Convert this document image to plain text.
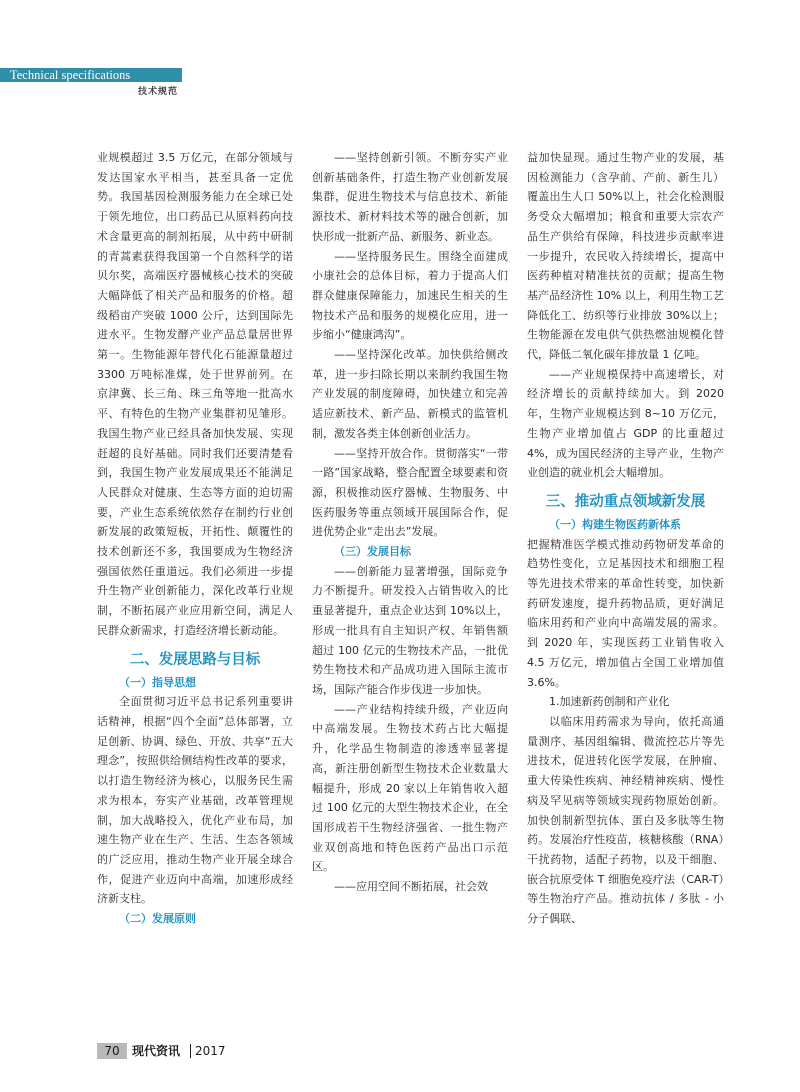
Technical specifications
技术规范

业规模超过 3.5 万亿元，在部分领域与发达国家水平相当，甚至具备一定优势。我国基因检测服务能力在全球已处于领先地位，出口药品已从原料药向技术含量更高的制剂拓展，从中药中研制的青蒿素获得我国第一个自然科学的诺贝尔奖，高端医疗器械核心技术的突破大幅降低了相关产品和服务的价格。超级稻亩产突破 1000 公斤，达到国际先进水平。生物发酵产业产品总量居世界第一。生物能源年替代化石能源量超过 3300 万吨标准煤，处于世界前列。在京津冀、长三角、珠三角等地一批高水平、有特色的生物产业集群初见雏形。我国生物产业已经具备加快发展、实现赶超的良好基础。同时我们还要清楚看到，我国生物产业发展成果还不能满足人民群众对健康、生态等方面的迫切需要，产业生态系统依然存在制约行业创新发展的政策短板，开拓性、颠覆性的技术创新还不多，我国要成为生物经济强国依然任重道远。我们必须进一步提升生物产业创新能力，深化改革行业规制，不断拓展产业应用新空间，满足人民群众新需求，打造经济增长新动能。

二、发展思路与目标
（一）指导思想

全面贯彻习近平总书记系列重要讲话精神，根据“四个全面”总体部署，立足创新、协调、绿色、开放、共享“五大理念”，按照供给侧结构性改革的要求，以打造生物经济为核心，以服务民生需求为根本，夯实产业基础，改革管理规制，加大战略投入，优化产业布局，加速生物产业在生产、生活、生态各领域的广泛应用，推动生物产业开展全球合作，促进产业迈向中高端，加速形成经济新支柱。

（二）发展原则

——坚持创新引领。不断夯实产业创新基础条件，打造生物产业创新发展集群，促进生物技术与信息技术、新能源技术、新材料技术等的融合创新，加快形成一批新产品、新服务、新业态。

——坚持服务民生。围绕全面建成小康社会的总体目标，着力于提高人们群众健康保障能力，加速民生相关的生物技术产品和服务的规模化应用，进一步缩小“健康鸿沟”。

——坚持深化改革。加快供给侧改革，进一步扫除长期以来制约我国生物产业发展的制度障碍，加快建立和完善适应新技术、新产品、新模式的监管机制，激发各类主体创新创业活力。

——坚持开放合作。贯彻落实“一带一路”国家战略，整合配置全球要素和资源，积极推动医疗器械、生物服务、中医药服务等重点领域开展国际合作，促进优势企业“走出去”发展。

（三）发展目标

——创新能力显著增强，国际竞争力不断提升。研发投入占销售收入的比重显著提升，重点企业达到 10%以上，形成一批具有自主知识产权、年销售额超过 100 亿元的生物技术产品，一批优势生物技术和产品成功进入国际主流市场，国际产能合作步伐进一步加快。

——产业结构持续升级，产业迈向中高端发展。生物技术药占比大幅提升，化学品生物制造的渗透率显著提高，新注册创新型生物技术企业数量大幅提升，形成 20 家以上年销售收入超过 100 亿元的大型生物技术企业，在全国形成若干生物经济强省、一批生物产业双创高地和特色医药产品出口示范区。

——应用空间不断拓展，社会效

益加快显现。通过生物产业的发展，基因检测能力（含孕前、产前、新生儿）覆盖出生人口 50%以上，社会化检测服务受众大幅增加；粮食和重要大宗农产品生产供给有保障，科技进步贡献率进一步提升，农民收入持续增长，提高中医药种植对精准扶贫的贡献；提高生物基产品经济性 10% 以上，利用生物工艺降低化工、纺织等行业排放 30%以上；生物能源在发电供气供热燃油规模化替代，降低二氧化碳年排放量 1 亿吨。

——产业规模保持中高速增长，对经济增长的贡献持续加大。到 2020 年，生物产业规模达到 8~10 万亿元，生物产业增加值占 GDP 的比重超过 4%，成为国民经济的主导产业，生物产业创造的就业机会大幅增加。

三、推动重点领域新发展
（一）构建生物医药新体系

把握精准医学模式推动药物研发革命的趋势性变化，立足基因技术和细胞工程等先进技术带来的革命性转变，加快新药研发速度，提升药物品质，更好满足临床用药和产业向中高端发展的需求。到 2020 年，实现医药工业销售收入 4.5 万亿元，增加值占全国工业增加值 3.6%。

1.加速新药创制和产业化

以临床用药需求为导向，依托高通量测序、基因组编辑、微流控芯片等先进技术，促进转化医学发展，在肿瘤、重大传染性疾病、神经精神疾病、慢性病及罕见病等领域实现药物原始创新。加快创制新型抗体、蛋白及多肽等生物药。发展治疗性疫苗，核糖核酸（RNA）干扰药物，适配子药物，以及干细胞、嵌合抗原受体 T 细胞免疫疗法（CAR-T）等生物治疗产品。推动抗体 / 多肽 - 小分子偶联、

70	现代资讯 2017
